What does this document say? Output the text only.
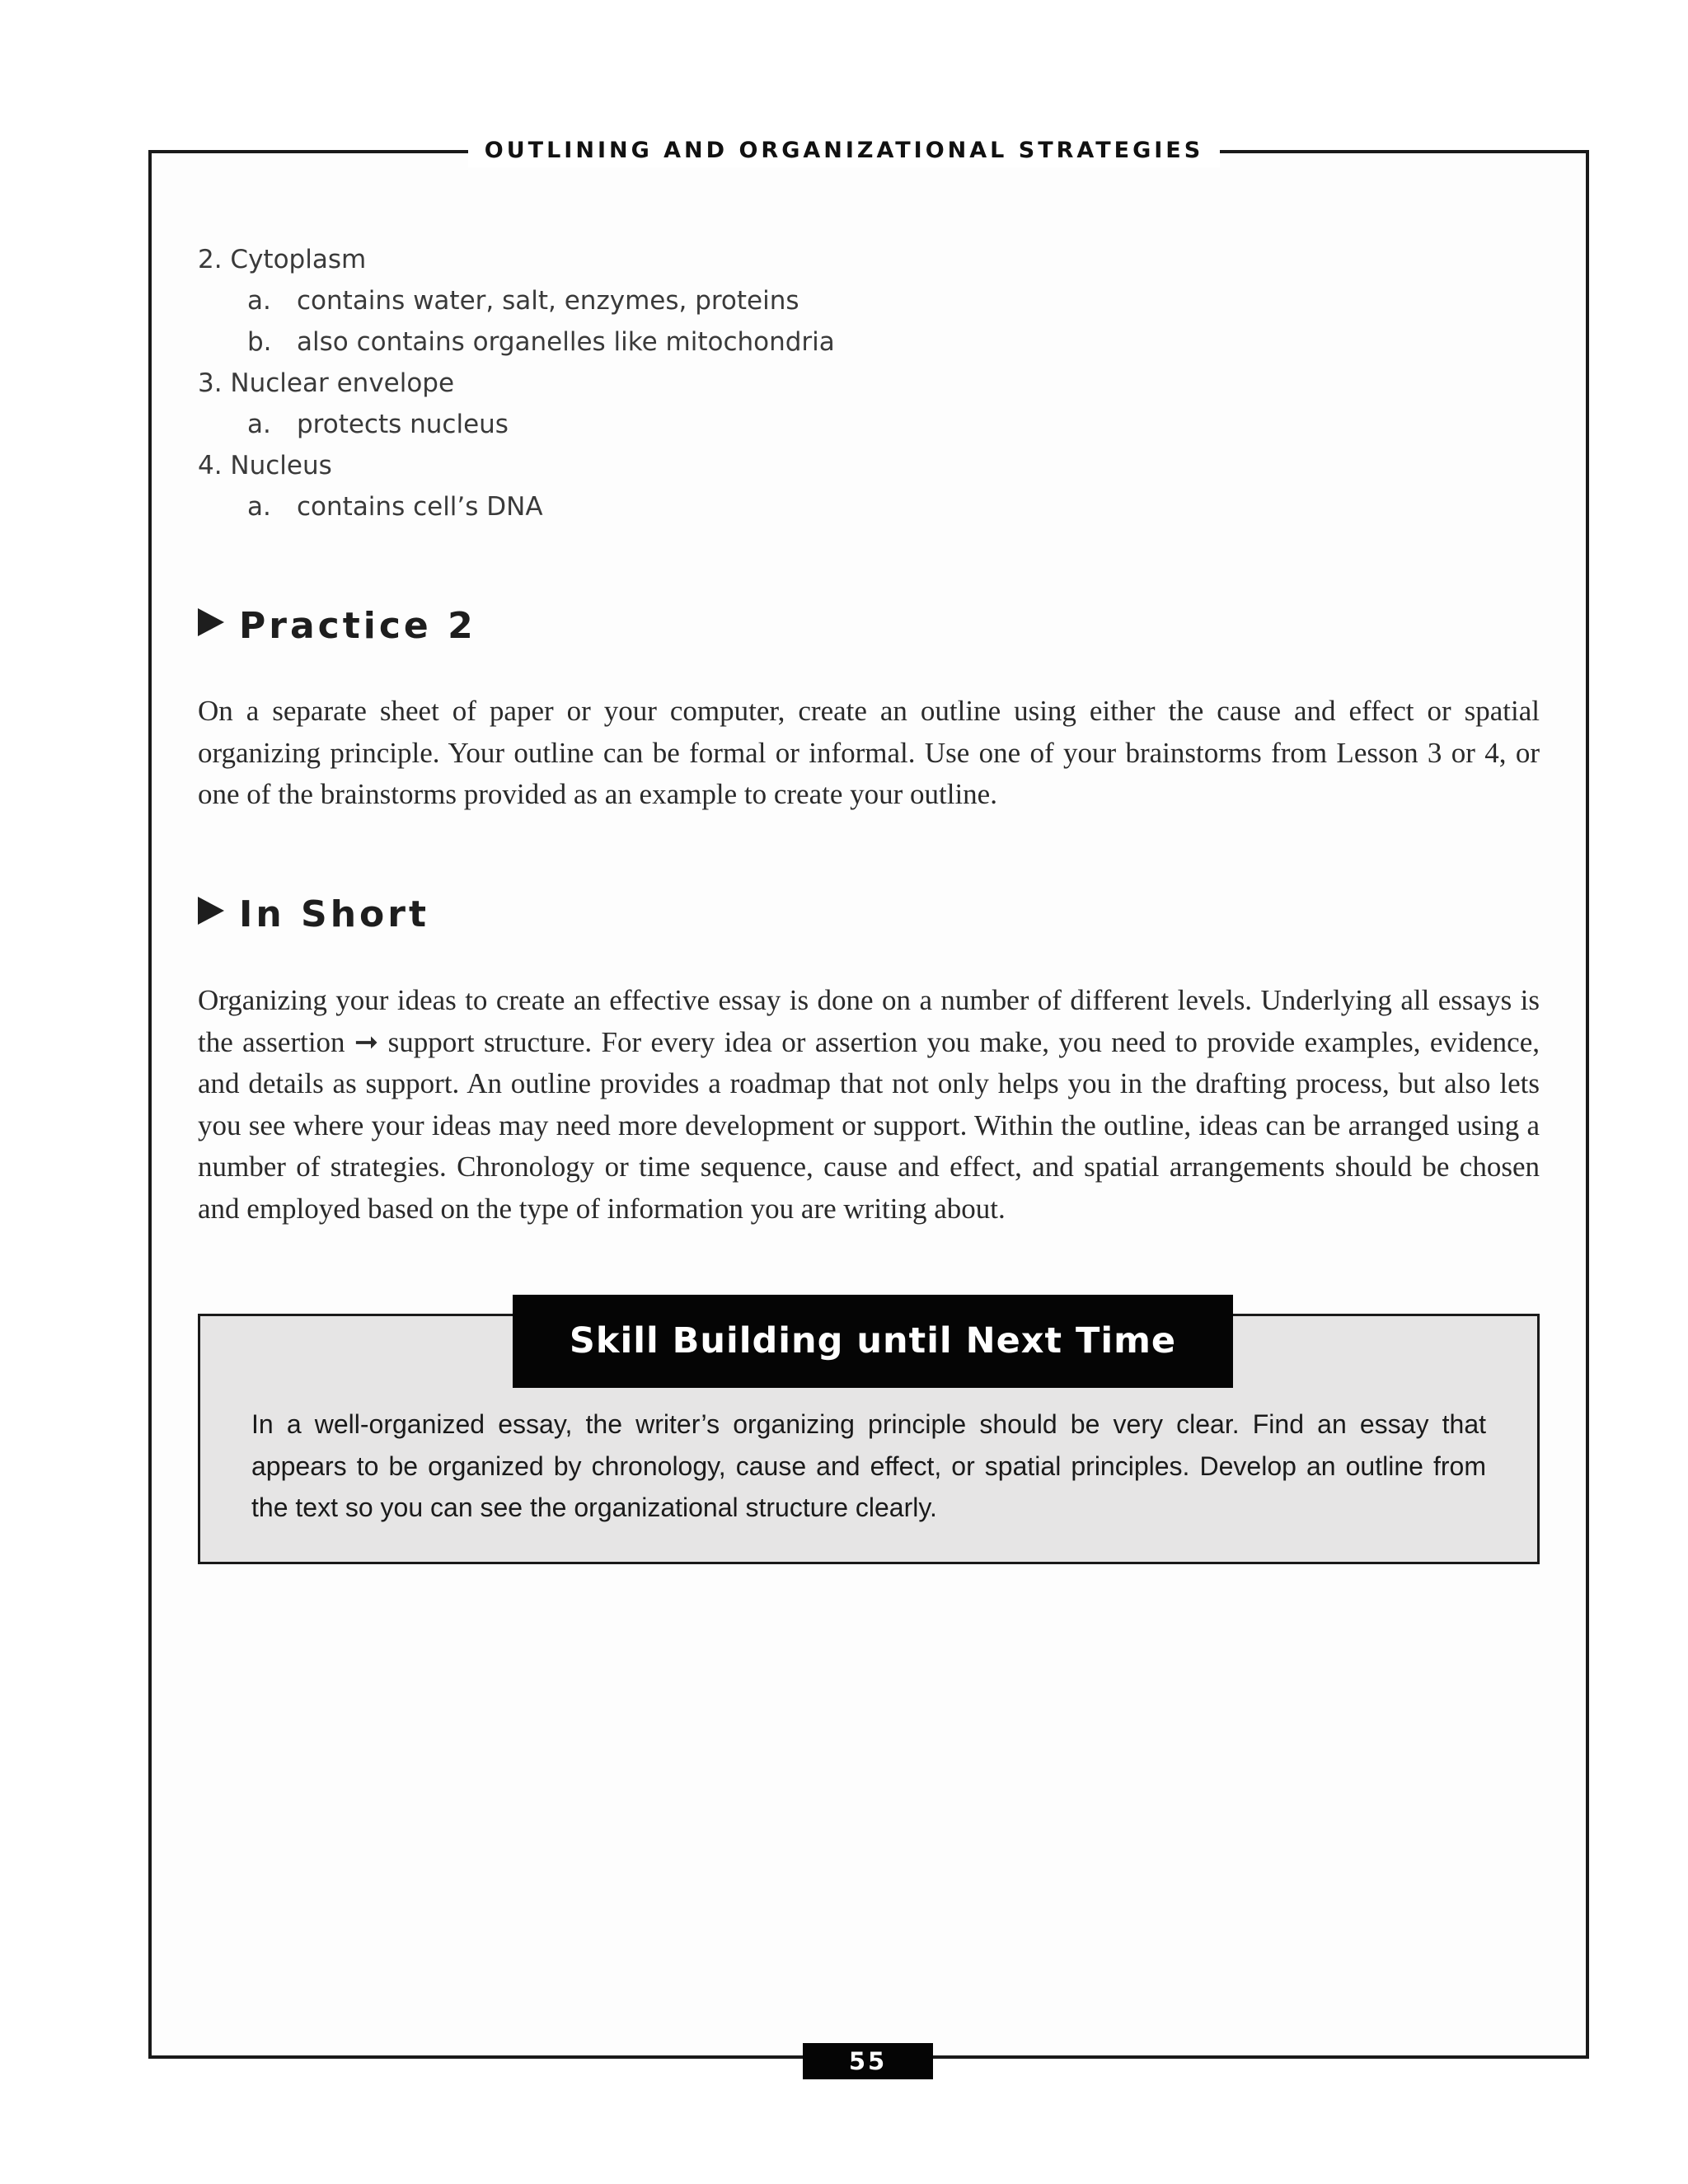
OUTLINING AND ORGANIZATIONAL STRATEGIES

2. Cytoplasm

a. contains water, salt, enzymes, proteins

b. also contains organelles like mitochondria

3. Nuclear envelope

a. protects nucleus

4. Nucleus

a. contains cell’s DNA

Practice 2

On a separate sheet of paper or your computer, create an outline using either the cause and effect or spatial organizing principle. Your outline can be formal or informal. Use one of your brainstorms from Lesson 3 or 4, or one of the brainstorms provided as an example to create your outline.

In Short

Organizing your ideas to create an effective essay is done on a number of different levels. Underlying all essays is the assertion ➞ support structure. For every idea or assertion you make, you need to provide examples, evidence, and details as support. An outline provides a roadmap that not only helps you in the drafting process, but also lets you see where your ideas may need more development or support. Within the outline, ideas can be arranged using a number of strategies. Chronology or time sequence, cause and effect, and spatial arrangements should be chosen and employed based on the type of information you are writing about.

Skill Building until Next Time

In a well-organized essay, the writer’s organizing principle should be very clear. Find an essay that appears to be organized by chronology, cause and effect, or spatial principles. Develop an outline from the text so you can see the organizational structure clearly.

55
